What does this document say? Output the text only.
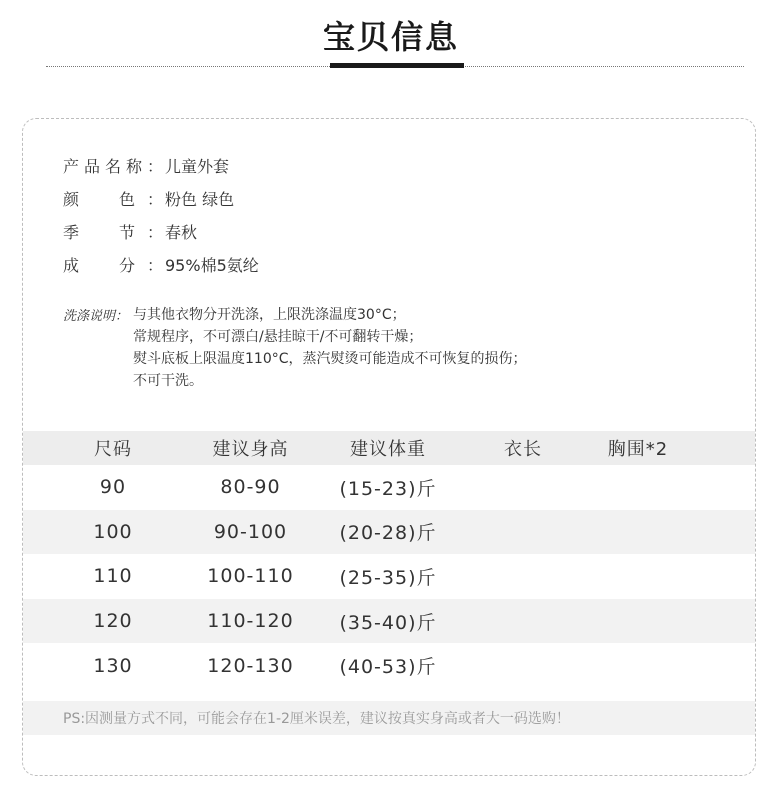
宝贝信息
产 品 名 称 ： 儿童外套
颜 色 ： 粉色 绿色
季 节 ： 春秋
成 分 ： 95%棉5氨纶
洗涤说明： 与其他衣物分开洗涤，上限洗涤温度30°C；
常规程序，不可漂白/悬挂晾干/不可翻转干燥；
熨斗底板上限温度110°C，蒸汽熨烫可能造成不可恢复的损伤；
不可干洗。
尺码	建议身高	建议体重	衣长	胸围*2
90	80-90	(15-23)斤
100	90-100	(20-28)斤
110	100-110	(25-35)斤
120	110-120	(35-40)斤
130	120-130	(40-53)斤
PS:因测量方式不同，可能会存在1-2厘米误差，建议按真实身高或者大一码选购！
